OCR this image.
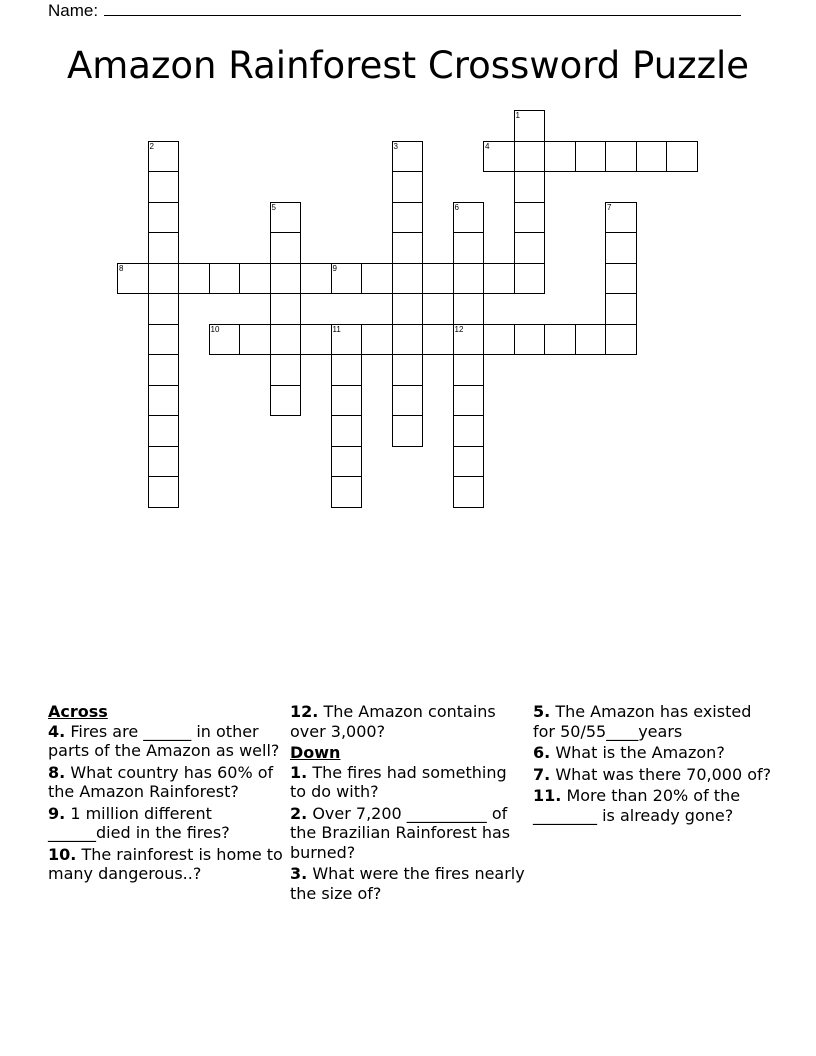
Name:
Amazon Rainforest Crossword Puzzle
1
2	3	4
5	6
12
7
8	9
10	11
Across
4. Fires are ______ in other parts of the Amazon as well?
8. What country has 60% of the Amazon Rainforest?
9. 1 million different ______died in the fires?
10. The rainforest is home to many dangerous..?
12. The Amazon contains over 3,000?
Down
1. The fires had something to do with?
2. Over 7,200 __________ of the Brazilian Rainforest has burned?
3. What were the fires nearly the size of?
5. The Amazon has existed for 50/55____years
6. What is the Amazon?
7. What was there 70,000 of?
11. More than 20% of the ________ is already gone?
